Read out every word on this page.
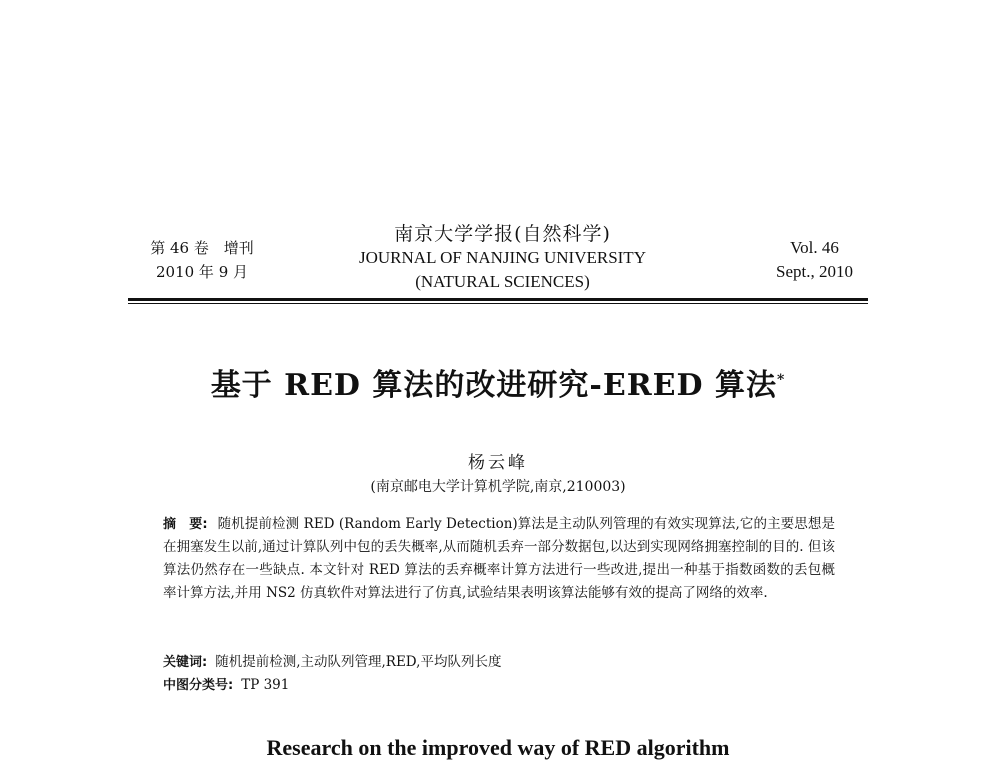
第 46 卷　增刊
2010 年 9 月
南京大学学报(自然科学)
JOURNAL OF NANJING UNIVERSITY
(NATURAL SCIENCES)
Vol. 46
Sept., 2010
基于 RED 算法的改进研究-ERED 算法*
杨云峰
(南京邮电大学计算机学院,南京,210003)
摘　要: 随机提前检测 RED (Random Early Detection)算法是主动队列管理的有效实现算法,它的主要思想是在拥塞发生以前,通过计算队列中包的丢失概率,从而随机丢弃一部分数据包,以达到实现网络拥塞控制的目的. 但该算法仍然存在一些缺点. 本文针对 RED 算法的丢弃概率计算方法进行一些改进,提出一种基于指数函数的丢包概率计算方法,并用 NS2 仿真软件对算法进行了仿真,试验结果表明该算法能够有效的提高了网络的效率.
关键词: 随机提前检测,主动队列管理,RED,平均队列长度
中图分类号: TP 391
Research on the improved way of RED algorithm
